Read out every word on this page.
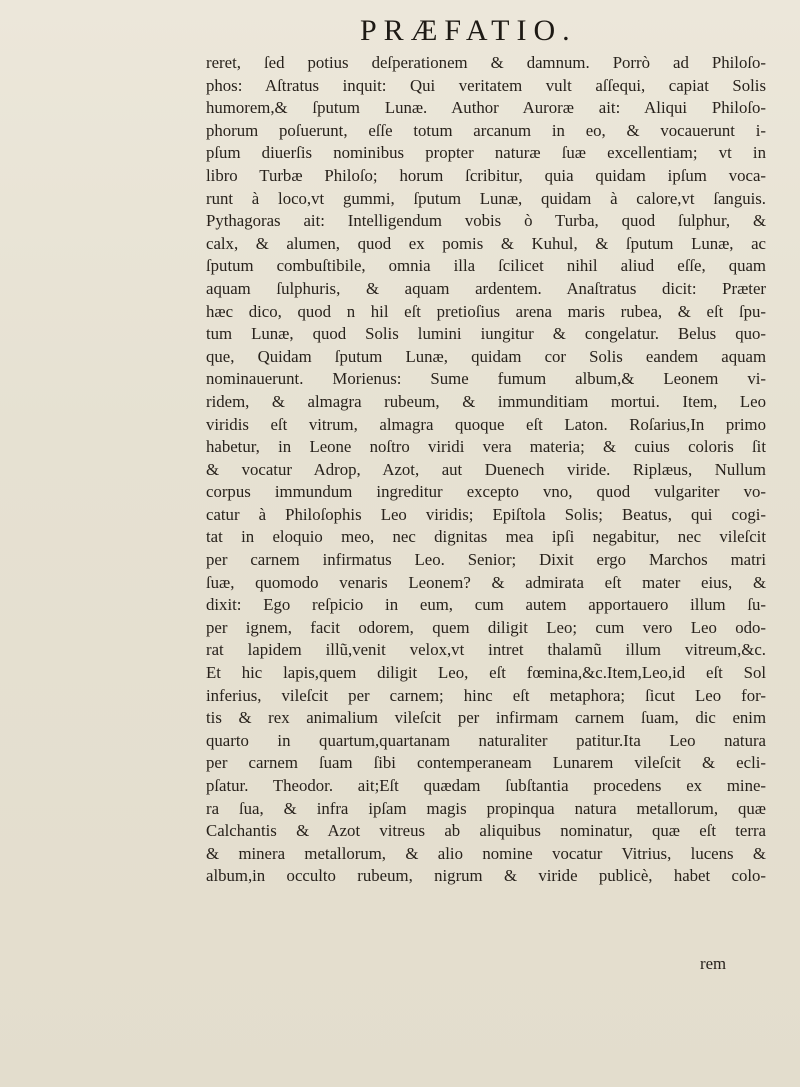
PRÆFATIO.
reret, ſed potius deſperationem & damnum. Porrò ad Philoſo-
phos: Aſtratus inquit: Qui veritatem vult aſſequi, capiat Solis
humorem,& ſputum Lunæ. Author Auroræ ait: Aliqui Philoſo-
phorum poſuerunt, eſſe totum arcanum in eo, & vocauerunt i-
pſum diuerſis nominibus propter naturæ ſuæ excellentiam; vt in
libro Turbæ Philoſo; horum ſcribitur, quia quidam ipſum voca-
runt à loco,vt gummi, ſputum Lunæ, quidam à calore,vt ſanguis.
Pythagoras ait: Intelligendum vobis ò Turba, quod ſulphur, &
calx, & alumen, quod ex pomis & Kuhul, & ſputum Lunæ, ac
ſputum combuſtibile, omnia illa ſcilicet nihil aliud eſſe, quam
aquam ſulphuris, & aquam ardentem. Anaſtratus dicit: Præter
hæc dico, quod n hil eſt pretioſius arena maris rubea, & eſt ſpu-
tum Lunæ, quod Solis lumini iungitur & congelatur. Belus quo-
que, Quidam ſputum Lunæ, quidam cor Solis eandem aquam
nominauerunt. Morienus: Sume fumum album,& Leonem vi-
ridem, & almagra rubeum, & immunditiam mortui. Item, Leo
viridis eſt vitrum, almagra quoque eſt Laton. Roſarius,In primo
habetur, in Leone noſtro viridi vera materia; & cuius coloris ſit
& vocatur Adrop, Azot, aut Duenech viride. Riplæus, Nullum
corpus immundum ingreditur excepto vno, quod vulgariter vo-
catur à Philoſophis Leo viridis; Epiſtola Solis; Beatus, qui cogi-
tat in eloquio meo, nec dignitas mea ipſi negabitur, nec vileſcit
per carnem infirmatus Leo. Senior; Dixit ergo Marchos matri
ſuæ, quomodo venaris Leonem? & admirata eſt mater eius, &
dixit: Ego reſpicio in eum, cum autem apportauero illum ſu-
per ignem, facit odorem, quem diligit Leo; cum vero Leo odo-
rat lapidem illũ,venit velox,vt intret thalamũ illum vitreum,&c.
Et hic lapis,quem diligit Leo, eſt fœmina,&c.Item,Leo,id eſt Sol
inferius, vileſcit per carnem; hinc eſt metaphora; ſicut Leo for-
tis & rex animalium vileſcit per infirmam carnem ſuam, dic enim
quarto in quartum,quartanam naturaliter patitur.Ita Leo natura
per carnem ſuam ſibi contemperaneam Lunarem vileſcit & ecli-
pſatur. Theodor. ait;Eſt quædam ſubſtantia procedens ex mine-
ra ſua, & infra ipſam magis propinqua natura metallorum, quæ
Calchantis & Azot vitreus ab aliquibus nominatur, quæ eſt terra
& minera metallorum, & alio nomine vocatur Vitrius, lucens &
album,in occulto rubeum, nigrum & viride publicè, habet colo-
rem
